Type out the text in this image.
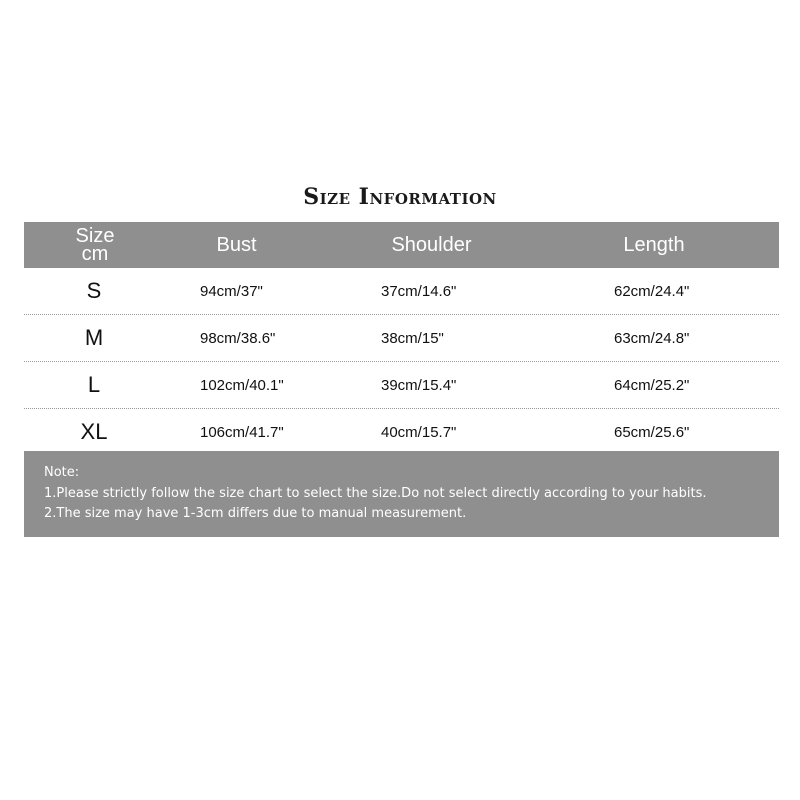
Size Information
Size
cm	Bust	Shoulder	Length
S	94cm/37"	37cm/14.6"	62cm/24.4"
M	98cm/38.6"	38cm/15"	63cm/24.8"
L	102cm/40.1"	39cm/15.4"	64cm/25.2"
XL	106cm/41.7"	40cm/15.7"	65cm/25.6"
Note:
1.Please strictly follow the size chart to select the size.Do not select directly according to your habits.
2.The size may have 1-3cm differs due to manual measurement.
